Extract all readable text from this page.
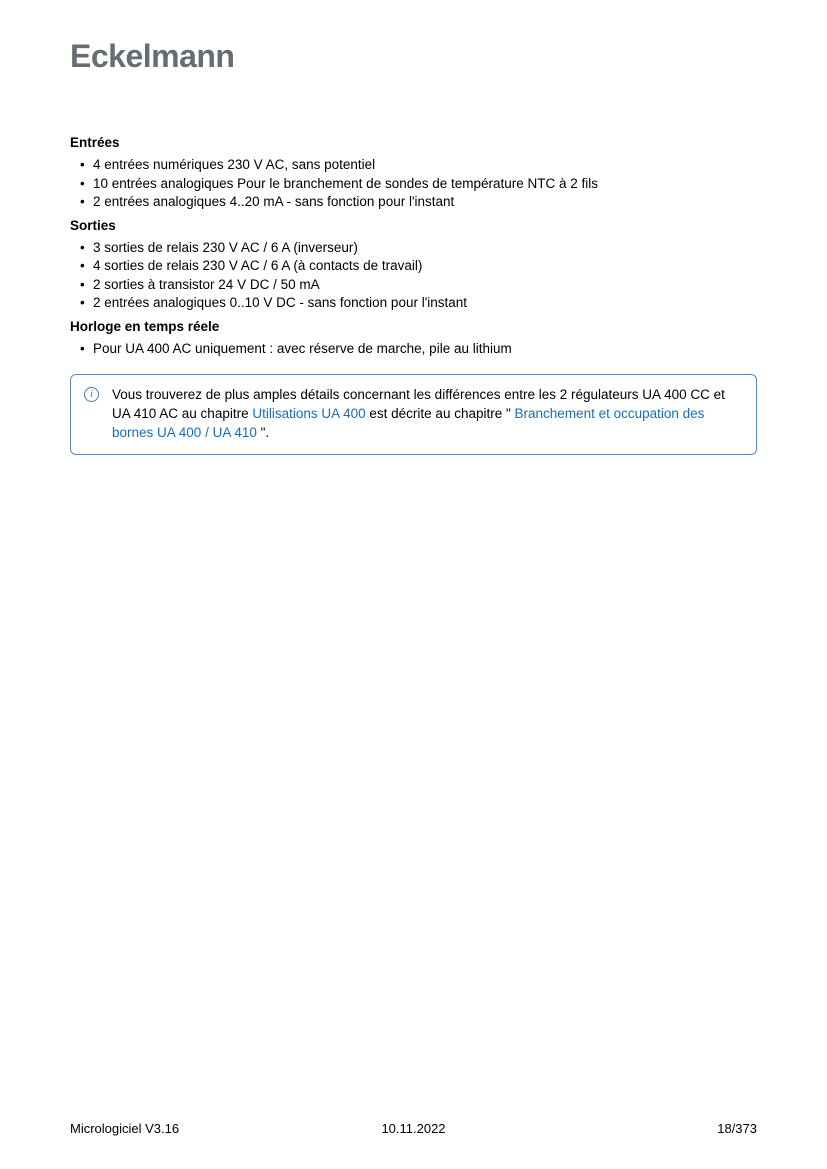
Eckelmann
Entrées
• 4 entrées numériques 230 V AC, sans potentiel
• 10 entrées analogiques Pour le branchement de sondes de température NTC à 2 fils
• 2 entrées analogiques 4..20 mA - sans fonction pour l'instant
Sorties
• 3 sorties de relais 230 V AC / 6 A (inverseur)
• 4 sorties de relais 230 V AC / 6 A (à contacts de travail)
• 2 sorties à transistor 24 V DC / 50 mA
• 2 entrées analogiques 0..10 V DC - sans fonction pour l'instant
Horloge en temps réele
• Pour UA 400 AC uniquement : avec réserve de marche, pile au lithium
i	Vous trouverez de plus amples détails concernant les différences entre les 2 régulateurs UA 400 CC et UA 410 AC au chapitre Utilisations UA 400 est décrite au chapitre " Branchement et occupation des bornes UA 400 / UA 410 ".
Micrologiciel V3.16	10.11.2022	18/373
